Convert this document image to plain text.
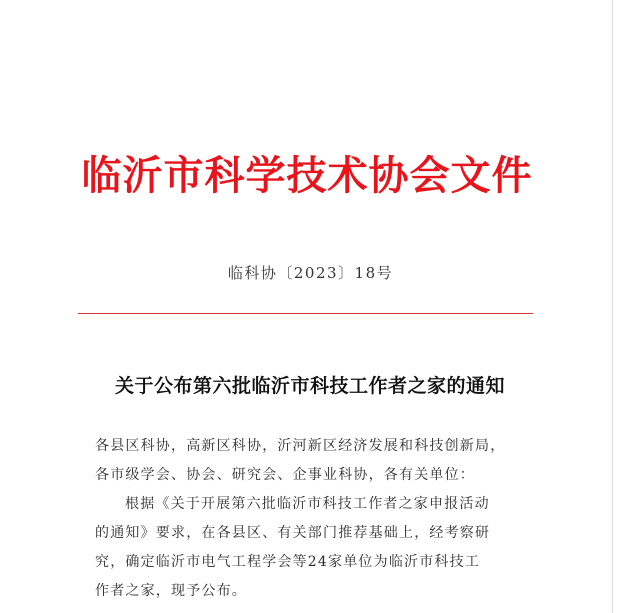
临沂市科学技术协会文件
临科协〔2023〕18号
关于公布第六批临沂市科技工作者之家的通知
各县区科协，高新区科协，沂河新区经济发展和科技创新局，
各市级学会、协会、研究会、企事业科协，各有关单位：
根据《关于开展第六批临沂市科技工作者之家申报活动
的通知》要求，在各县区、有关部门推荐基础上，经考察研
究，确定临沂市电气工程学会等24家单位为临沂市科技工
作者之家，现予公布。
